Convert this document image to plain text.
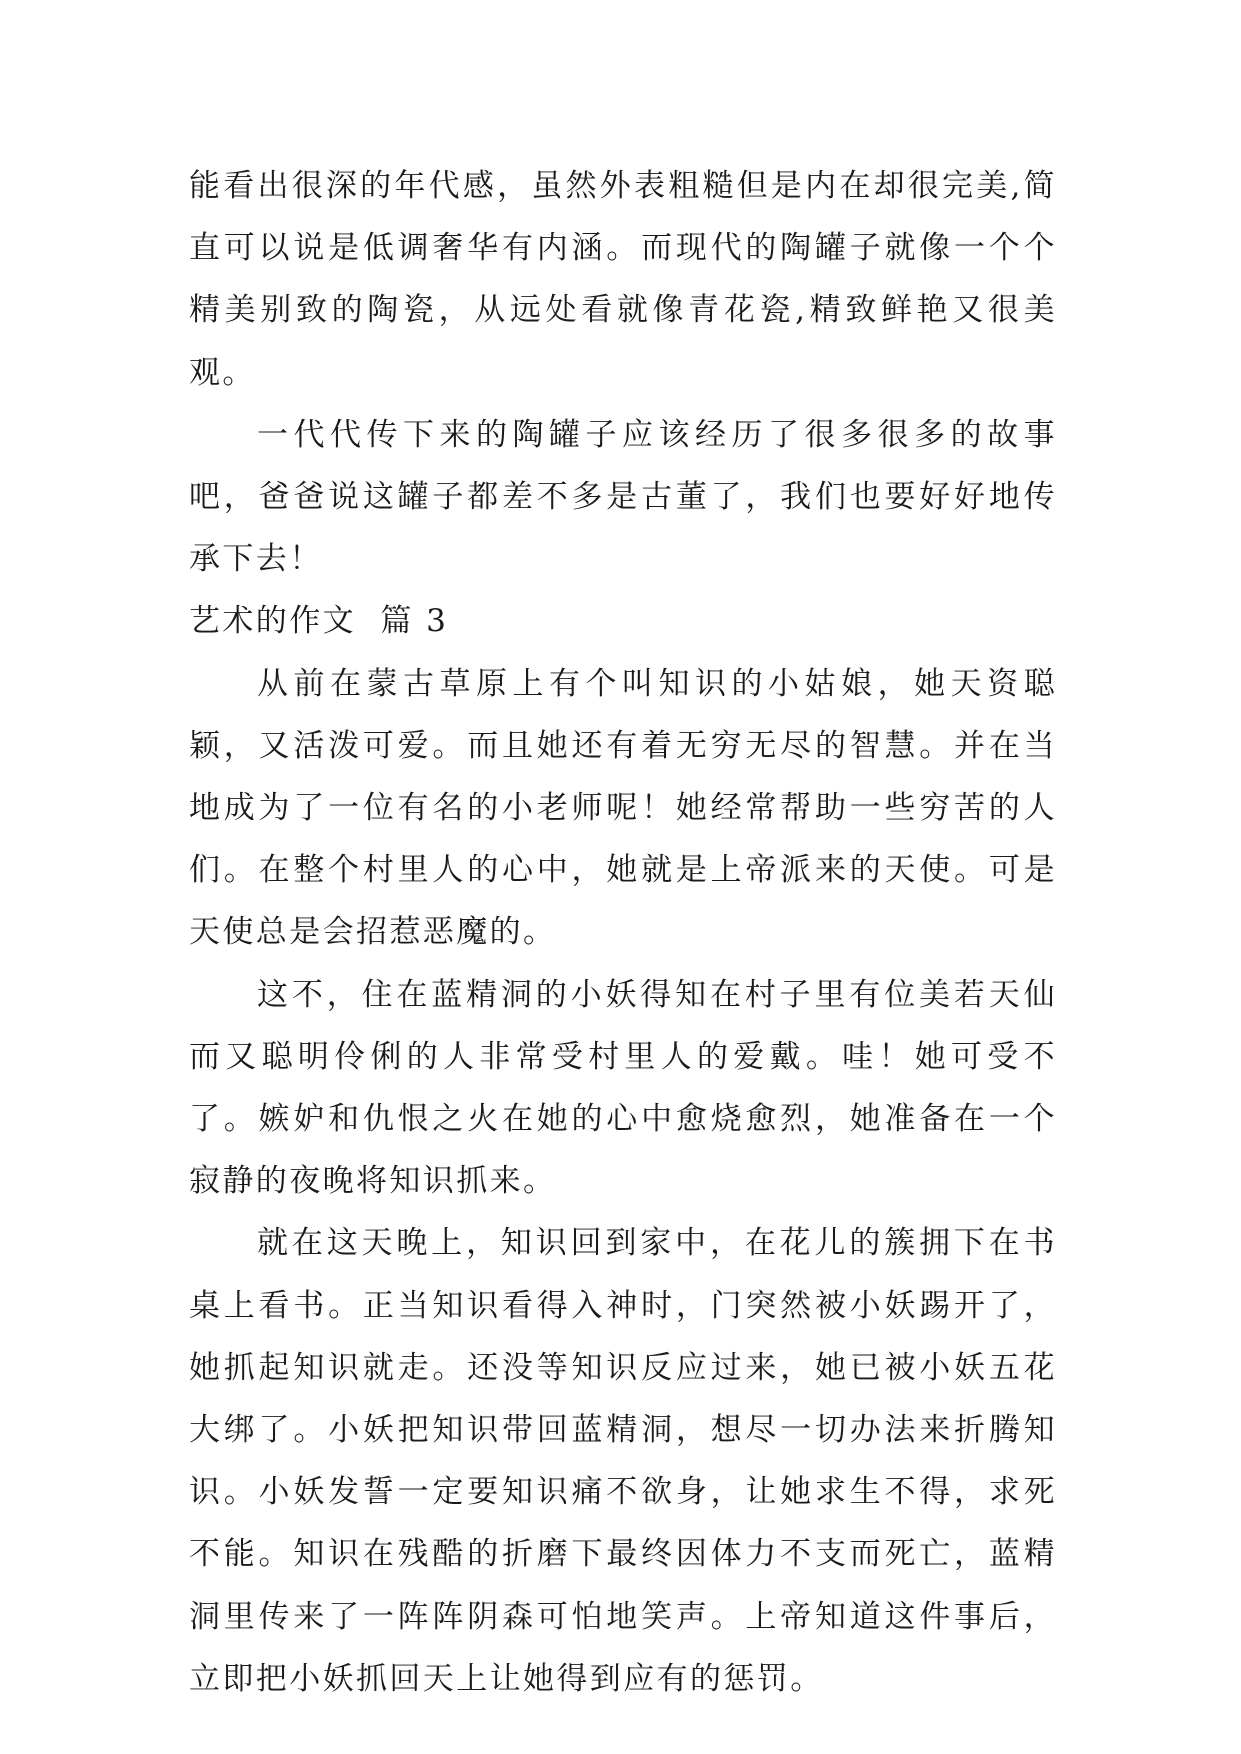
能看出很深的年代感，虽然外表粗糙但是内在却很完美,简直可以说是低调奢华有内涵。而现代的陶罐子就像一个个精美别致的陶瓷，从远处看就像青花瓷,精致鲜艳又很美观。

一代代传下来的陶罐子应该经历了很多很多的故事吧，爸爸说这罐子都差不多是古董了，我们也要好好地传承下去！

艺术的作文 篇 3

从前在蒙古草原上有个叫知识的小姑娘，她天资聪颖，又活泼可爱。而且她还有着无穷无尽的智慧。并在当地成为了一位有名的小老师呢！她经常帮助一些穷苦的人们。在整个村里人的心中，她就是上帝派来的天使。可是天使总是会招惹恶魔的。

这不，住在蓝精洞的小妖得知在村子里有位美若天仙而又聪明伶俐的人非常受村里人的爱戴。哇！她可受不了。嫉妒和仇恨之火在她的心中愈烧愈烈，她准备在一个寂静的夜晚将知识抓来。

就在这天晚上，知识回到家中，在花儿的簇拥下在书桌上看书。正当知识看得入神时，门突然被小妖踢开了，她抓起知识就走。还没等知识反应过来，她已被小妖五花大绑了。小妖把知识带回蓝精洞，想尽一切办法来折腾知识。小妖发誓一定要知识痛不欲身，让她求生不得，求死不能。知识在残酷的折磨下最终因体力不支而死亡，蓝精洞里传来了一阵阵阴森可怕地笑声。上帝知道这件事后，立即把小妖抓回天上让她得到应有的惩罚。
